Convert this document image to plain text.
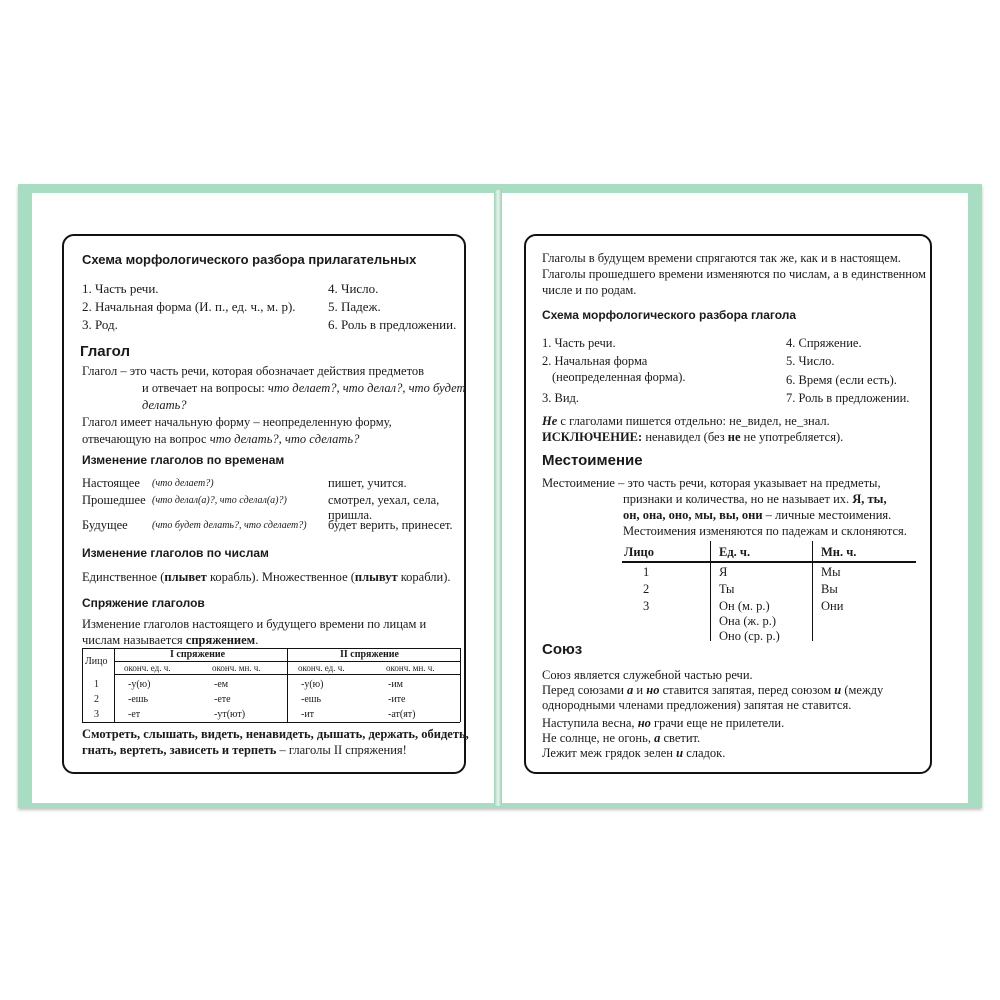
Схема морфологического разбора прилагательных
1. Часть речи.
2. Начальная форма (И. п., ед. ч., м. р).
3. Род.
4. Число.
5. Падеж.
6. Роль в предложении.
Глагол
Глагол – это часть речи, которая обозначает действия предметов
и отвечает на вопросы: что делает?, что делал?, что будет
делать?
Глагол имеет начальную форму – неопределенную форму,
отвечающую на вопрос что делать?, что сделать?
Изменение глаголов по временам
Настоящее (что делает?)	пишет, учится.
Прошедшее (что делал(а)?, что сделал(а)?)	смотрел, уехал, села,
пришла.
Будущее (что будет делать?, что сделает?) будет верить, принесет.
Изменение глаголов по числам
Единственное (плывет корабль). Множественное (плывут корабли).
Спряжение глаголов
Изменение глаголов настоящего и будущего времени по лицам и
числам называется спряжением.
Лицо
I спряжение	II спряжение
оконч. ед. ч.	оконч. мн. ч.	оконч. ед. ч.	оконч. мн. ч.
1	-у(ю)	-ем	-у(ю)	-им
2	-ешь	-ете	-ешь	-ите
3	-ет	-ут(ют)	-ит	-ат(ят)
Смотреть, слышать, видеть, ненавидеть, дышать, держать, обидеть,
гнать, вертеть, зависеть и терпеть – глаголы II спряжения!
Глаголы в будущем времени спрягаются так же, как и в настоящем.
Глаголы прошедшего времени изменяются по числам, а в единственном
числе и по родам.
Схема морфологического разбора глагола
1. Часть речи.
2. Начальная форма
(неопределенная форма).
3. Вид.
4. Спряжение.
5. Число.
6. Время (если есть).
7. Роль в предложении.
Не с глаголами пишется отдельно: не_видел, не_знал.
ИСКЛЮЧЕНИЕ: ненавидел (без не не употребляется).
Местоимение
Местоимение – это часть речи, которая указывает на предметы,
признаки и количества, но не называет их. Я, ты,
он, она, оно, мы, вы, они – личные местоимения.
Местоимения изменяются по падежам и склоняются.
Лицо	Ед. ч.	Мн. ч.
1	Я	Мы
2	Ты	Вы
3	Он (м. р.)	Они
Она (ж. р.)
Оно (ср. р.)
Союз
Союз является служебной частью речи.
Перед союзами а и но ставится запятая, перед союзом и (между
однородными членами предложения) запятая не ставится.
Наступила весна, но грачи еще не прилетели.
Не солнце, не огонь, а светит.
Лежит меж грядок зелен и сладок.
